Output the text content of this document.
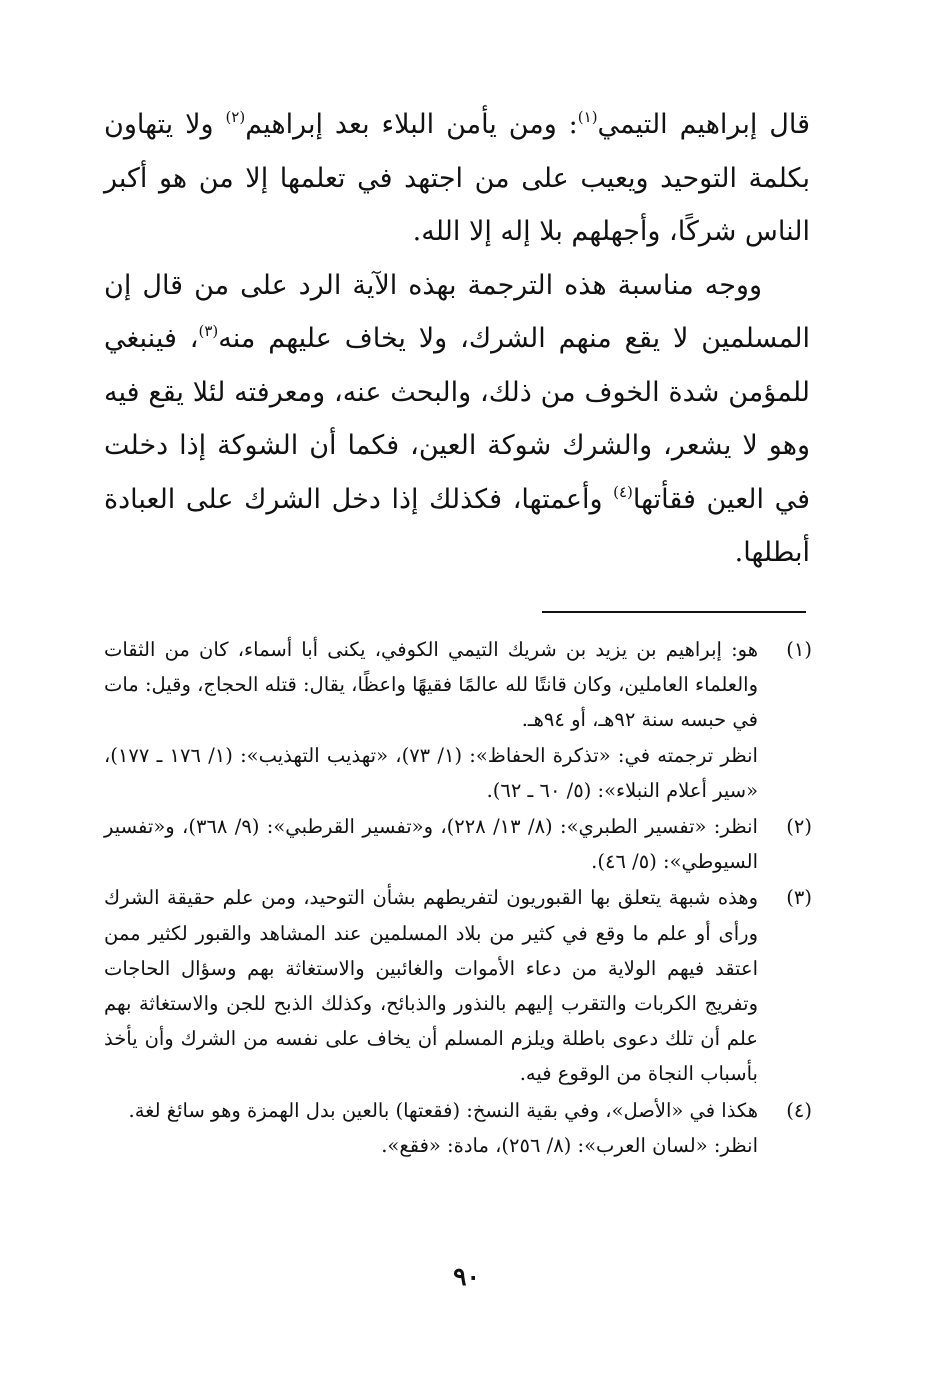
قال إبراهيم التيمي$^{(١)}$: ومن يأمن البلاء بعد إبراهيم$^{(٢)}$ ولا يتهاون بكلمة التوحيد ويعيب على من اجتهد في تعلمها إلا من هو أكبر الناس شركًا، وأجهلهم بلا إله إلا الله.

ووجه مناسبة هذه الترجمة بهذه الآية الرد على من قال إن المسلمين لا يقع منهم الشرك، ولا يخاف عليهم منه$^{(٣)}$، فينبغي للمؤمن شدة الخوف من ذلك، والبحث عنه، ومعرفته لئلا يقع فيه وهو لا يشعر، والشرك شوكة العين، فكما أن الشوكة إذا دخلت في العين فقأتها$^{(٤)}$ وأعمتها، فكذلك إذا دخل الشرك على العبادة أبطلها.

(١)
هو: إبراهيم بن يزيد بن شريك التيمي الكوفي، يكنى أبا أسماء، كان من الثقات والعلماء العاملين، وكان قانتًا لله عالمًا فقيهًا واعظًا، يقال: قتله الحجاج، وقيل: مات في حبسه سنة ٩٢هـ، أو ٩٤هـ.
انظر ترجمته في: «تذكرة الحفاظ»: (١/ ٧٣)، «تهذيب التهذيب»: (١/ ١٧٦ ـ ١٧٧)، «سير أعلام النبلاء»: (٥/ ٦٠ ـ ٦٢).
(٢)
انظر: «تفسير الطبري»: (٨/ ١٣/ ٢٢٨)، و«تفسير القرطبي»: (٩/ ٣٦٨)، و«تفسير السيوطي»: (٥/ ٤٦).
(٣)
وهذه شبهة يتعلق بها القبوريون لتفريطهم بشأن التوحيد، ومن علم حقيقة الشرك ورأى أو علم ما وقع في كثير من بلاد المسلمين عند المشاهد والقبور لكثير ممن اعتقد فيهم الولاية من دعاء الأموات والغائبين والاستغاثة بهم وسؤال الحاجات وتفريج الكربات والتقرب إليهم بالنذور والذبائح، وكذلك الذبح للجن والاستغاثة بهم علم أن تلك دعوى باطلة ويلزم المسلم أن يخاف على نفسه من الشرك وأن يأخذ بأسباب النجاة من الوقوع فيه.
(٤)
هكذا في «الأصل»، وفي بقية النسخ: (فقعتها) بالعين بدل الهمزة وهو سائغ لغة.
انظر: «لسان العرب»: (٨/ ٢٥٦)، مادة: «فقع».
٩٠
